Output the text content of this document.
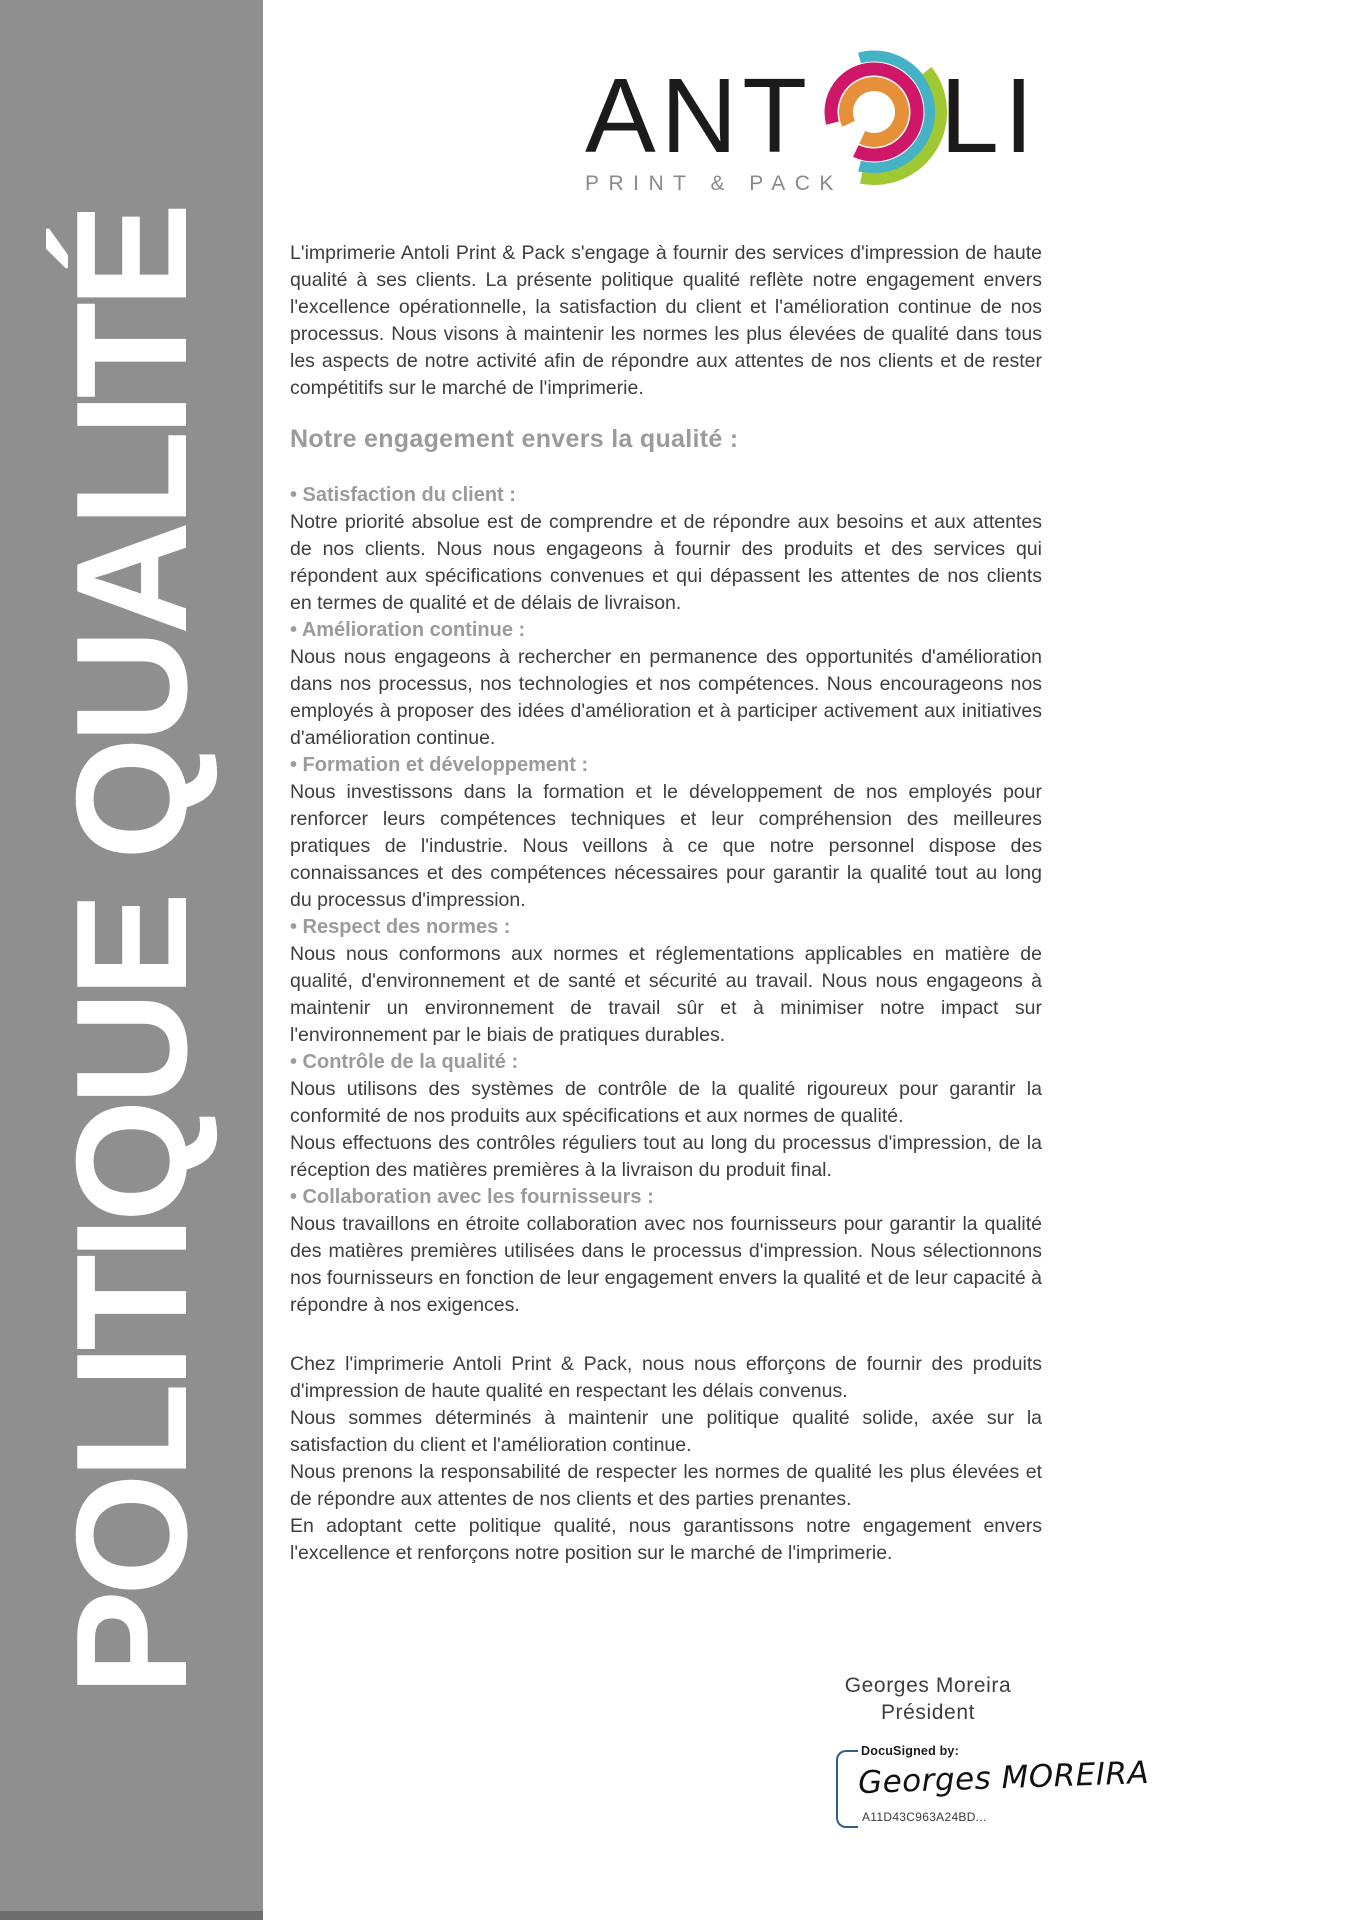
POLITIQUE QUALITÉ
ANT LI
PRINT & PACK

L'imprimerie Antoli Print & Pack s'engage à fournir des services d'impression de haute qualité à ses clients. La présente politique qualité reflète notre engagement envers l'excellence opérationnelle, la satisfaction du client et l'amélioration continue de nos processus. Nous visons à maintenir les normes les plus élevées de qualité dans tous les aspects de notre activité afin de répondre aux attentes de nos clients et de rester compétitifs sur le marché de l'imprimerie.

Notre engagement envers la qualité :
• Satisfaction du client :

Notre priorité absolue est de comprendre et de répondre aux besoins et aux attentes de nos clients. Nous nous engageons à fournir des produits et des services qui répondent aux spécifications convenues et qui dépassent les attentes de nos clients en termes de qualité et de délais de livraison.

• Amélioration continue :

Nous nous engageons à rechercher en permanence des opportunités d'amélioration dans nos processus, nos technologies et nos compétences. Nous encourageons nos employés à proposer des idées d'amélioration et à participer activement aux initiatives d'amélioration continue.

• Formation et développement :

Nous investissons dans la formation et le développement de nos employés pour renforcer leurs compétences techniques et leur compréhension des meilleures pratiques de l'industrie. Nous veillons à ce que notre personnel dispose des connaissances et des compétences nécessaires pour garantir la qualité tout au long du processus d'impression.

• Respect des normes :

Nous nous conformons aux normes et réglementations applicables en matière de qualité, d'environnement et de santé et sécurité au travail. Nous nous engageons à maintenir un environnement de travail sûr et à minimiser notre impact sur l'environnement par le biais de pratiques durables.

• Contrôle de la qualité :

Nous utilisons des systèmes de contrôle de la qualité rigoureux pour garantir la conformité de nos produits aux spécifications et aux normes de qualité.

Nous effectuons des contrôles réguliers tout au long du processus d'impression, de la réception des matières premières à la livraison du produit final.

• Collaboration avec les fournisseurs :

Nous travaillons en étroite collaboration avec nos fournisseurs pour garantir la qualité des matières premières utilisées dans le processus d'impression. Nous sélectionnons nos fournisseurs en fonction de leur engagement envers la qualité et de leur capacité à répondre à nos exigences.

Chez l'imprimerie Antoli Print & Pack, nous nous efforçons de fournir des produits d'impression de haute qualité en respectant les délais convenus.

Nous sommes déterminés à maintenir une politique qualité solide, axée sur la satisfaction du client et l'amélioration continue.

Nous prenons la responsabilité de respecter les normes de qualité les plus élevées et de répondre aux attentes de nos clients et des parties prenantes.

En adoptant cette politique qualité, nous garantissons notre engagement envers l'excellence et renforçons notre position sur le marché de l'imprimerie.

Georges Moreira
Président
DocuSigned by:
Georges MOREIRA
A11D43C963A24BD...
